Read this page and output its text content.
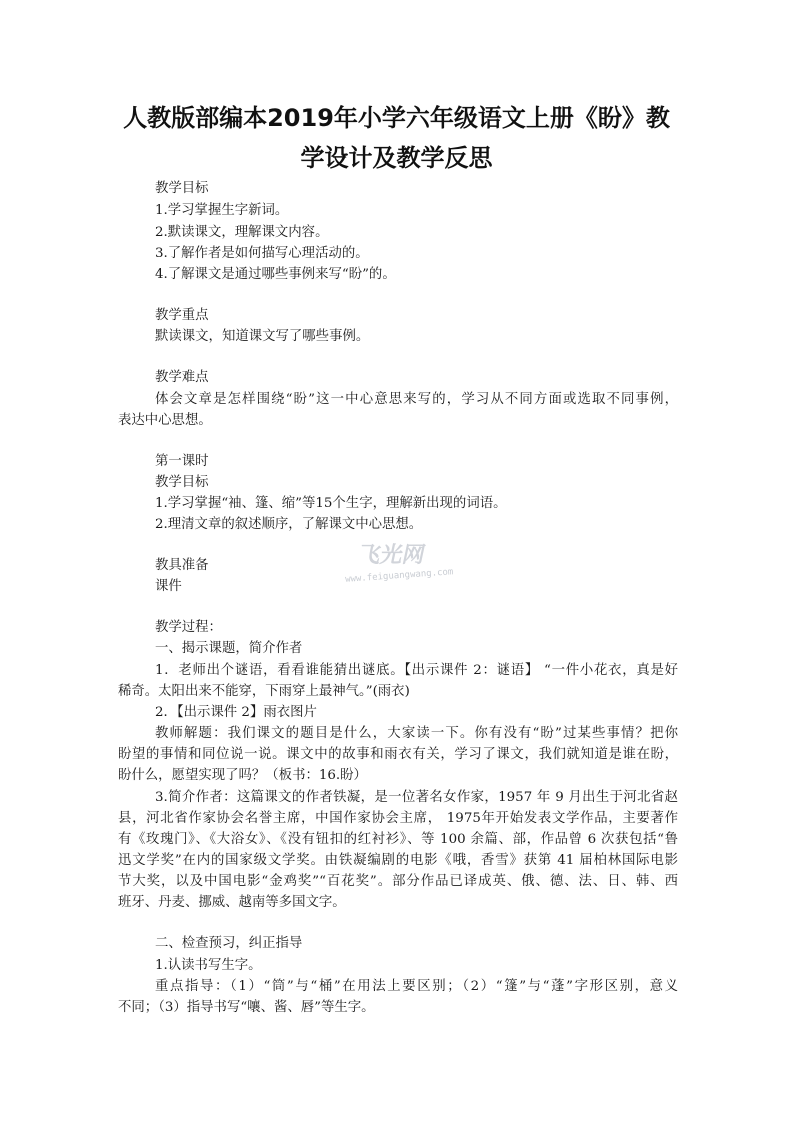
人教版部编本2019年小学六年级语文上册《盼》教
学设计及教学反思
教学目标
1.学习掌握生字新词。
2.默读课文，理解课文内容。
3.了解作者是如何描写心理活动的。
4.了解课文是通过哪些事例来写“盼”的。
教学重点
默读课文，知道课文写了哪些事例。
教学难点
体会文章是怎样围绕“盼”这一中心意思来写的，学习从不同方面或选取不同事例，
表达中心思想。
第一课时
教学目标
1.学习掌握“袖、篷、缩”等15个生字，理解新出现的词语。
2.理清文章的叙述顺序，了解课文中心思想。
教具准备
课件
飞光网
www.feiguangwang.com
教学过程：
一、揭示课题，简介作者
1．老师出个谜语，看看谁能猜出谜底。【出示课件 2：谜语】 “一件小花衣，真是好
稀奇。太阳出来不能穿，下雨穿上最神气。”(雨衣)
2．【出示课件 2】雨衣图片
教师解题：我们课文的题目是什么，大家读一下。你有没有“盼”过某些事情？把你
盼望的事情和同位说一说。课文中的故事和雨衣有关，学习了课文，我们就知道是谁在盼，
盼什么，愿望实现了吗？（板书：16.盼）
3.简介作者：这篇课文的作者铁凝，是一位著名女作家，1957 年 9 月出生于河北省赵
县，河北省作家协会名誉主席，中国作家协会主席， 1975年开始发表文学作品，主要著作
有《玫瑰门》、《大浴女》、《没有钮扣的红衬衫》、等 100 余篇、部，作品曾 6 次获包括“鲁
迅文学奖”在内的国家级文学奖。由铁凝编剧的电影《哦，香雪》获第 41 届柏林国际电影
节大奖，以及中国电影“金鸡奖”“百花奖”。部分作品已译成英、俄、德、法、日、韩、西
班牙、丹麦、挪威、越南等多国文字。
二、检查预习，纠正指导
1.认读书写生字。
重点指导：（1）“筒”与“桶”在用法上要区别；（2）“篷”与“蓬”字形区别，意义
不同；（3）指导书写“嚷、酱、唇”等生字。
